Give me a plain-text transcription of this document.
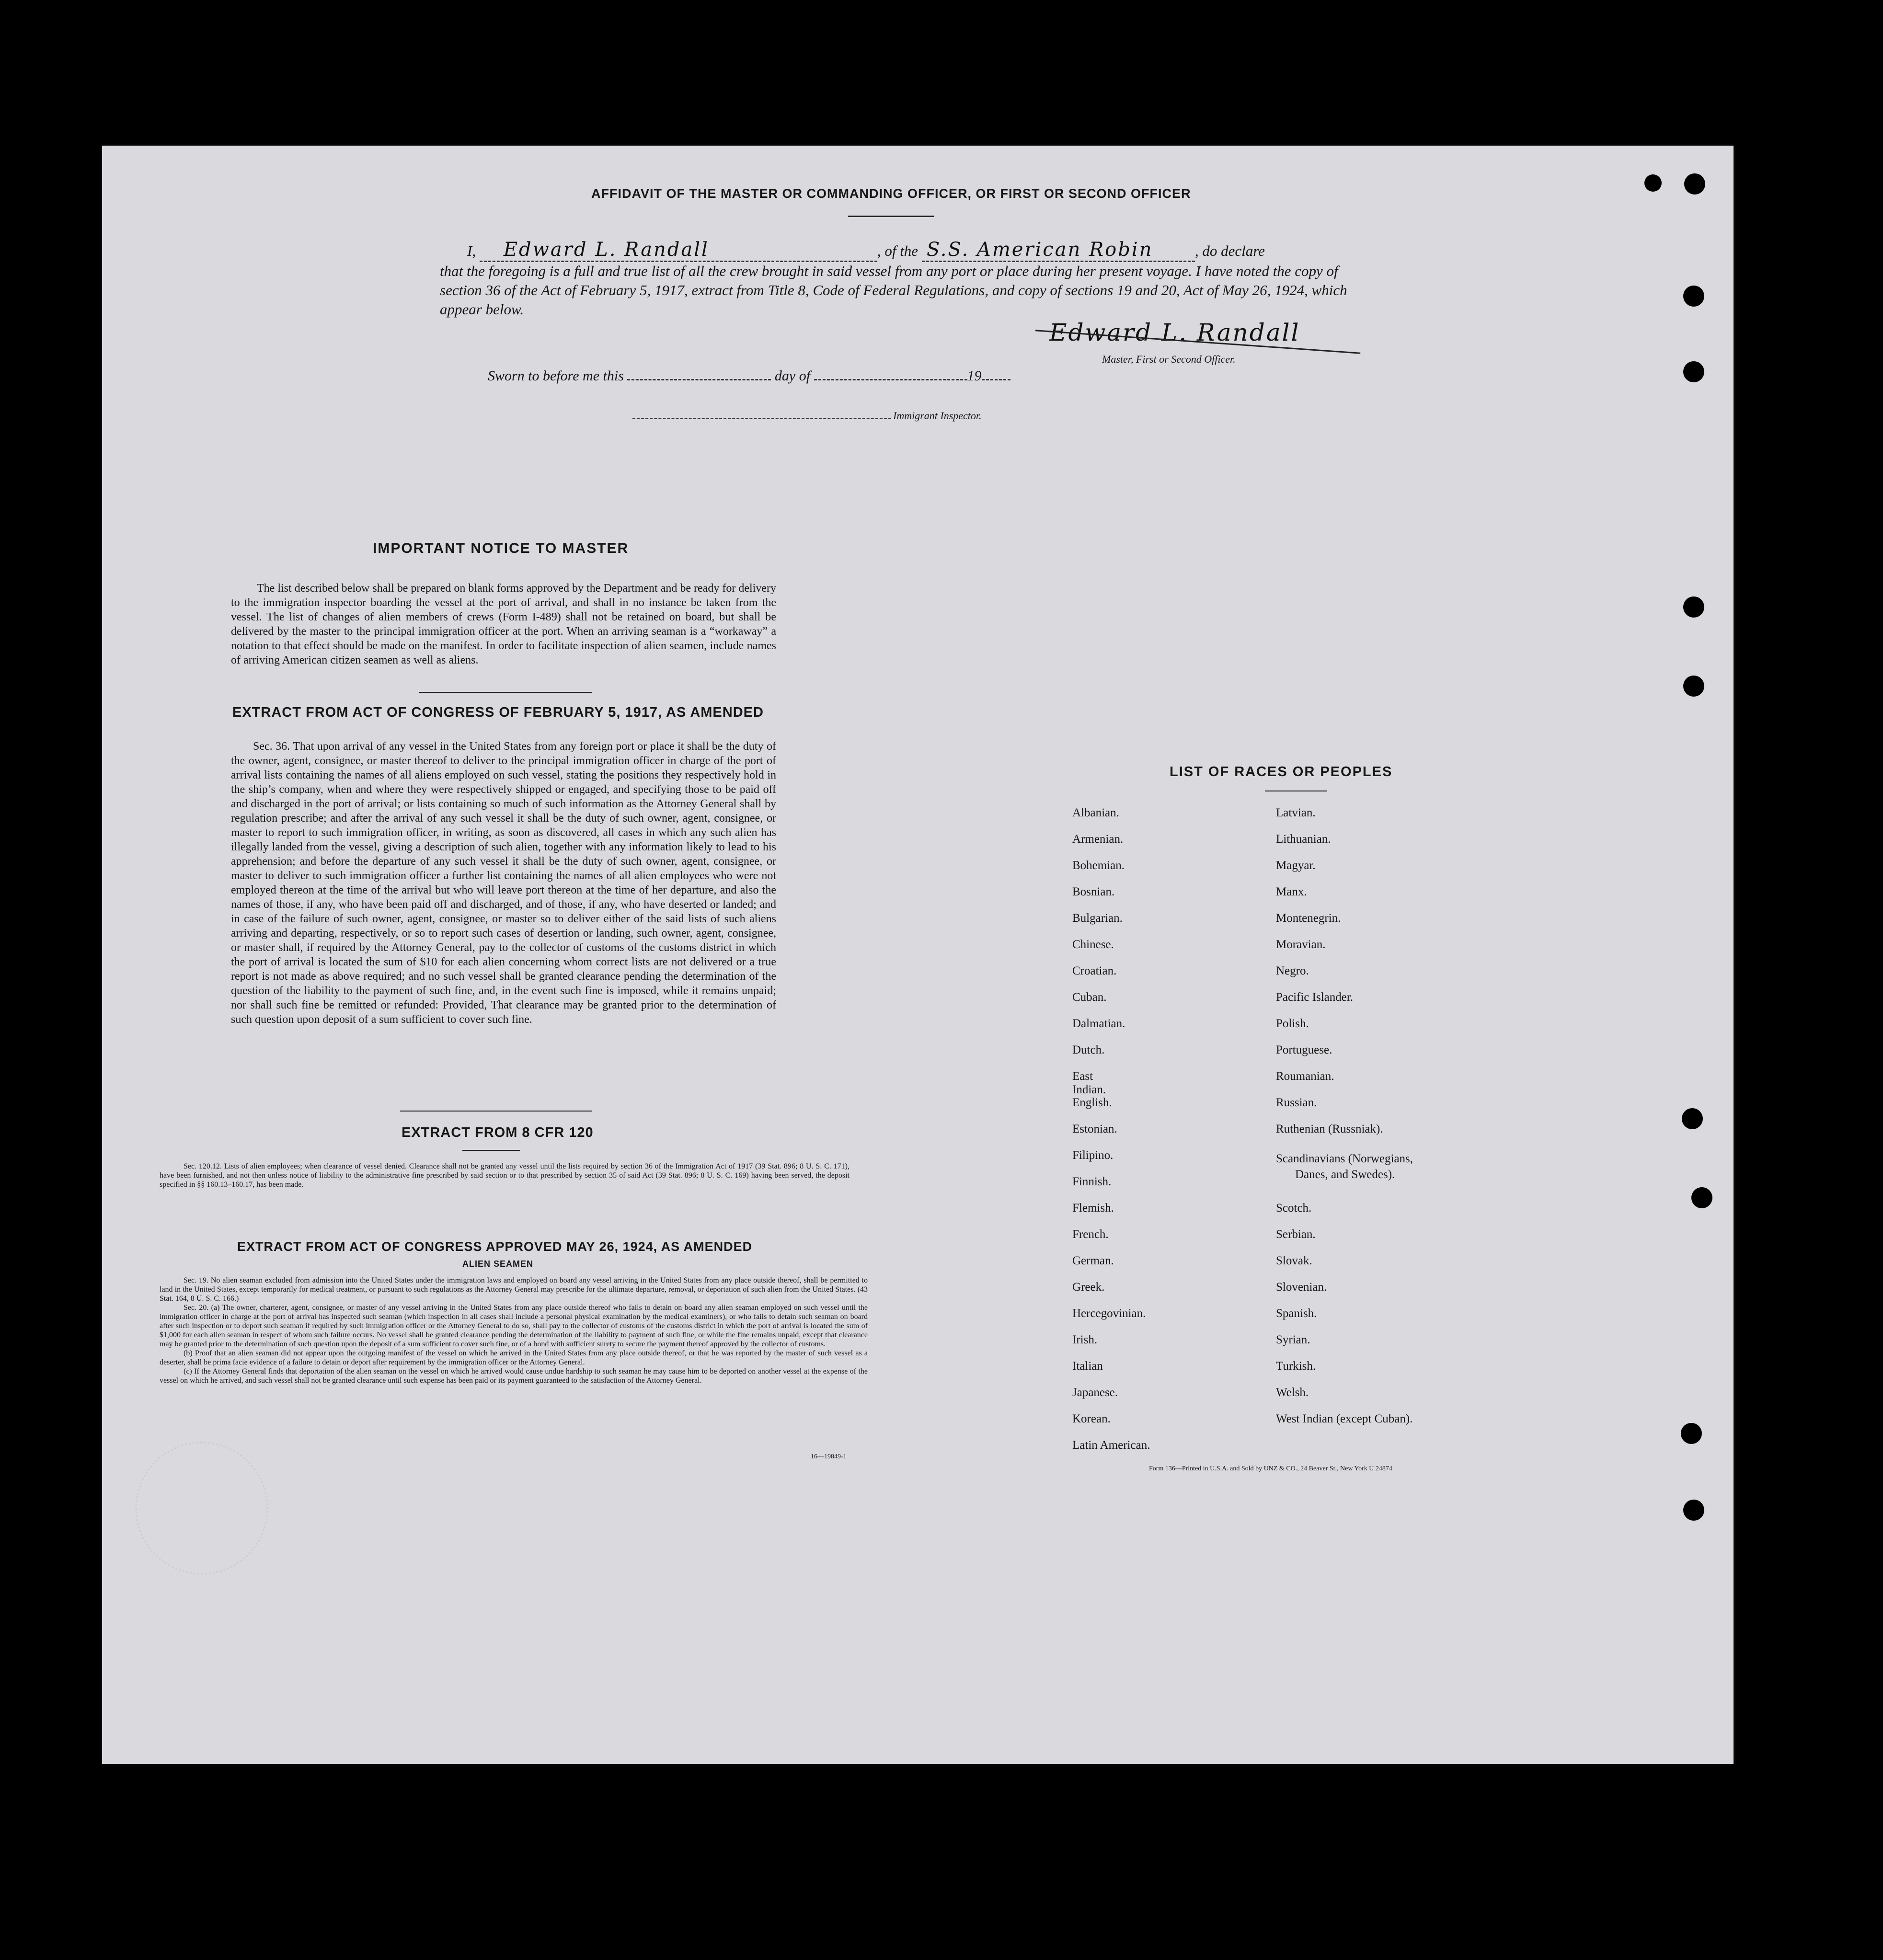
AFFIDAVIT OF THE MASTER OR COMMANDING OFFICER, OR FIRST OR SECOND OFFICER
I, Edward L. Randall	, of the S.S. American Robin	, do declare
that the foregoing is a full and true list of all the crew brought in said vessel from any port or place during her present voyage. I have noted the copy of section 36 of the Act of February 5, 1917, extract from Title 8, Code of Federal Regulations, and copy of sections 19 and 20, Act of May 26, 1924, which appear below.
Edward L. Randall
Master, First or Second Officer.
Sworn to before me this	day of	19
Immigrant Inspector.
IMPORTANT NOTICE TO MASTER
The list described below shall be prepared on blank forms approved by the Department and be ready for delivery to the immigration inspector boarding the vessel at the port of arrival, and shall in no instance be taken from the vessel. The list of changes of alien members of crews (Form I-489) shall not be retained on board, but shall be delivered by the master to the principal immigration officer at the port. When an arriving seaman is a “workaway” a notation to that effect should be made on the manifest. In order to facilitate inspection of alien seamen, include names of arriving American citizen seamen as well as aliens.
EXTRACT FROM ACT OF CONGRESS OF FEBRUARY 5, 1917, AS AMENDED
Sec. 36. That upon arrival of any vessel in the United States from any foreign port or place it shall be the duty of the owner, agent, consignee, or master thereof to deliver to the principal immigration officer in charge of the port of arrival lists containing the names of all aliens employed on such vessel, stating the positions they respectively hold in the ship’s company, when and where they were respectively shipped or engaged, and specifying those to be paid off and discharged in the port of arrival; or lists containing so much of such information as the Attorney General shall by regulation prescribe; and after the arrival of any such vessel it shall be the duty of such owner, agent, consignee, or master to report to such immigration officer, in writing, as soon as discovered, all cases in which any such alien has illegally landed from the vessel, giving a description of such alien, together with any information likely to lead to his apprehension; and before the departure of any such vessel it shall be the duty of such owner, agent, consignee, or master to deliver to such immigration officer a further list containing the names of all alien employees who were not employed thereon at the time of the arrival but who will leave port thereon at the time of her departure, and also the names of those, if any, who have been paid off and discharged, and of those, if any, who have deserted or landed; and in case of the failure of such owner, agent, consignee, or master so to deliver either of the said lists of such aliens arriving and departing, respectively, or so to report such cases of desertion or landing, such owner, agent, consignee, or master shall, if required by the Attorney General, pay to the collector of customs of the customs district in which the port of arrival is located the sum of $10 for each alien concerning whom correct lists are not delivered or a true report is not made as above required; and no such vessel shall be granted clearance pending the determination of the question of the liability to the payment of such fine, and, in the event such fine is imposed, while it remains unpaid; nor shall such fine be remitted or refunded: Provided, That clearance may be granted prior to the determination of such question upon deposit of a sum sufficient to cover such fine.
EXTRACT FROM 8 CFR 120
Sec. 120.12. Lists of alien employees; when clearance of vessel denied. Clearance shall not be granted any vessel until the lists required by section 36 of the Immigration Act of 1917 (39 Stat. 896; 8 U. S. C. 171), have been furnished, and not then unless notice of liability to the administrative fine prescribed by said section or to that prescribed by section 35 of said Act (39 Stat. 896; 8 U. S. C. 169) having been served, the deposit specified in §§ 160.13–160.17, has been made.
EXTRACT FROM ACT OF CONGRESS APPROVED MAY 26, 1924, AS AMENDED
ALIEN SEAMEN
Sec. 19. No alien seaman excluded from admission into the United States under the immigration laws and employed on board any vessel arriving in the United States from any place outside thereof, shall be permitted to land in the United States, except temporarily for medical treatment, or pursuant to such regulations as the Attorney General may prescribe for the ultimate departure, removal, or deportation of such alien from the United States. (43 Stat. 164, 8 U. S. C. 166.)
Sec. 20. (a) The owner, charterer, agent, consignee, or master of any vessel arriving in the United States from any place outside thereof who fails to detain on board any alien seaman employed on such vessel until the immigration officer in charge at the port of arrival has inspected such seaman (which inspection in all cases shall include a personal physical examination by the medical examiners), or who fails to detain such seaman on board after such inspection or to deport such seaman if required by such immigration officer or the Attorney General to do so, shall pay to the collector of customs of the customs district in which the port of arrival is located the sum of $1,000 for each alien seaman in respect of whom such failure occurs. No vessel shall be granted clearance pending the determination of the liability to payment of such fine, or while the fine remains unpaid, except that clearance may be granted prior to the determination of such question upon the deposit of a sum sufficient to cover such fine, or of a bond with sufficient surety to secure the payment thereof approved by the collector of customs.
(b) Proof that an alien seaman did not appear upon the outgoing manifest of the vessel on which he arrived in the United States from any place outside thereof, or that he was reported by the master of such vessel as a deserter, shall be prima facie evidence of a failure to detain or deport after requirement by the immigration officer or the Attorney General.
(c) If the Attorney General finds that deportation of the alien seaman on the vessel on which he arrived would cause undue hardship to such seaman he may cause him to be deported on another vessel at the expense of the vessel on which he arrived, and such vessel shall not be granted clearance until such expense has been paid or its payment guaranteed to the satisfaction of the Attorney General.
16—19849-1
LIST OF RACES OR PEOPLES
Albanian.
Armenian.
Bohemian.
Bosnian.
Bulgarian.
Chinese.
Croatian.
Cuban.
Dalmatian.
Dutch.
East Indian.
English.
Estonian.
Filipino.
Finnish.
Flemish.
French.
German.
Greek.
Hercegovinian.
Irish.
Italian
Japanese.
Korean.
Latin American.
Latvian.
Lithuanian.
Magyar.
Manx.
Montenegrin.
Moravian.
Negro.
Pacific Islander.
Polish.
Portuguese.
Roumanian.
Russian.
Ruthenian (Russniak).
Scandinavians (Norwegians,
Danes, and Swedes).
Scotch.
Serbian.
Slovak.
Slovenian.
Spanish.
Syrian.
Turkish.
Welsh.
West Indian (except Cuban).
Form 136—Printed in U.S.A. and Sold by UNZ & CO., 24 Beaver St., New York U 24874
